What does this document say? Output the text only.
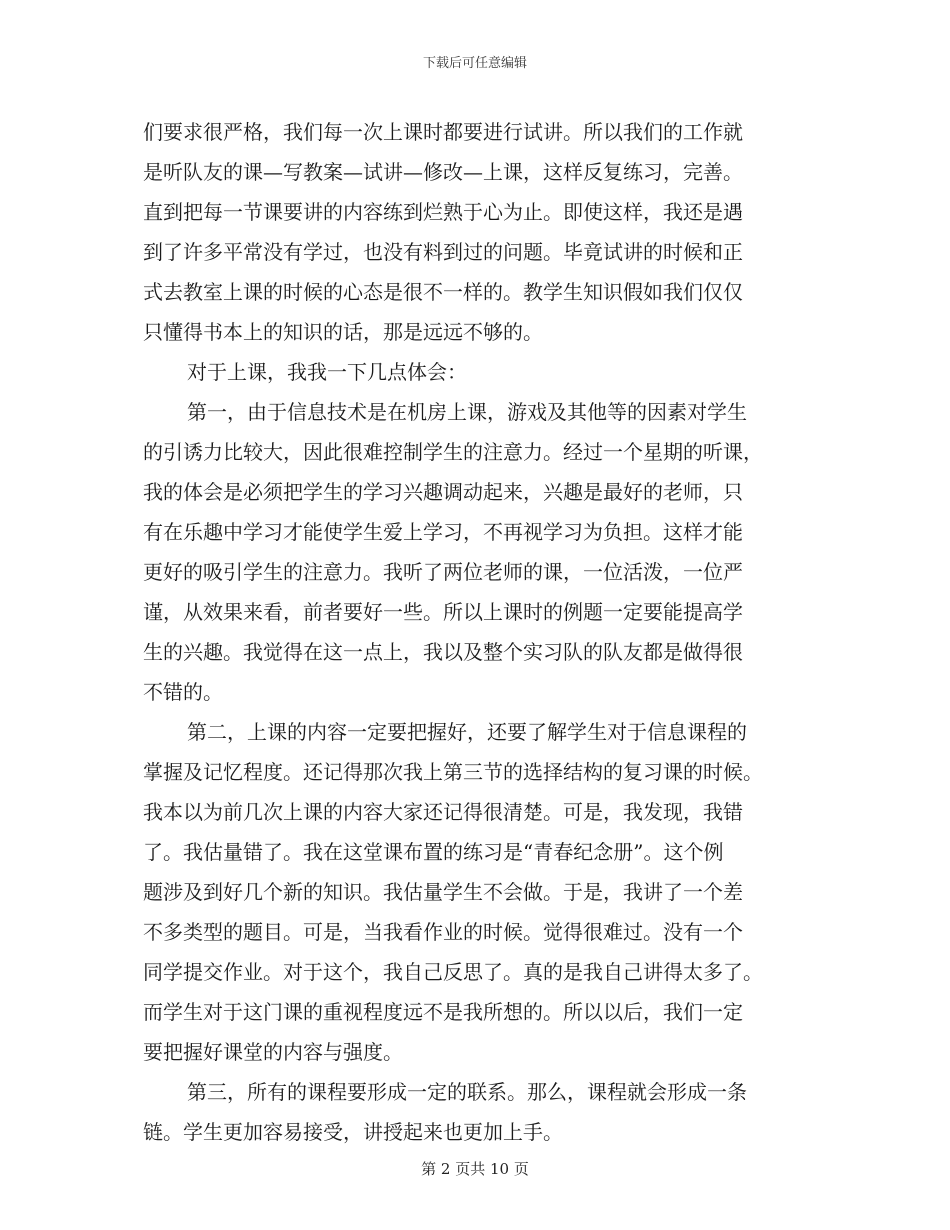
下载后可任意编辑
们要求很严格，我们每一次上课时都要进行试讲。所以我们的工作就
是听队友的课—写教案—试讲—修改—上课，这样反复练习，完善。
直到把每一节课要讲的内容练到烂熟于心为止。即使这样，我还是遇
到了许多平常没有学过，也没有料到过的问题。毕竟试讲的时候和正
式去教室上课的时候的心态是很不一样的。教学生知识假如我们仅仅
只懂得书本上的知识的话，那是远远不够的。
对于上课，我我一下几点体会：
第一，由于信息技术是在机房上课，游戏及其他等的因素对学生
的引诱力比较大，因此很难控制学生的注意力。经过一个星期的听课，
我的体会是必须把学生的学习兴趣调动起来，兴趣是最好的老师，只
有在乐趣中学习才能使学生爱上学习，不再视学习为负担。这样才能
更好的吸引学生的注意力。我听了两位老师的课，一位活泼，一位严
谨，从效果来看，前者要好一些。所以上课时的例题一定要能提高学
生的兴趣。我觉得在这一点上，我以及整个实习队的队友都是做得很
不错的。
第二，上课的内容一定要把握好，还要了解学生对于信息课程的
掌握及记忆程度。还记得那次我上第三节的选择结构的复习课的时候。
我本以为前几次上课的内容大家还记得很清楚。可是，我发现，我错
了。我估量错了。我在这堂课布置的练习是“青春纪念册”。这个例
题涉及到好几个新的知识。我估量学生不会做。于是，我讲了一个差
不多类型的题目。可是，当我看作业的时候。觉得很难过。没有一个
同学提交作业。对于这个，我自己反思了。真的是我自己讲得太多了。
而学生对于这门课的重视程度远不是我所想的。所以以后，我们一定
要把握好课堂的内容与强度。
第三，所有的课程要形成一定的联系。那么，课程就会形成一条
链。学生更加容易接受，讲授起来也更加上手。
第 2 页共 10 页
